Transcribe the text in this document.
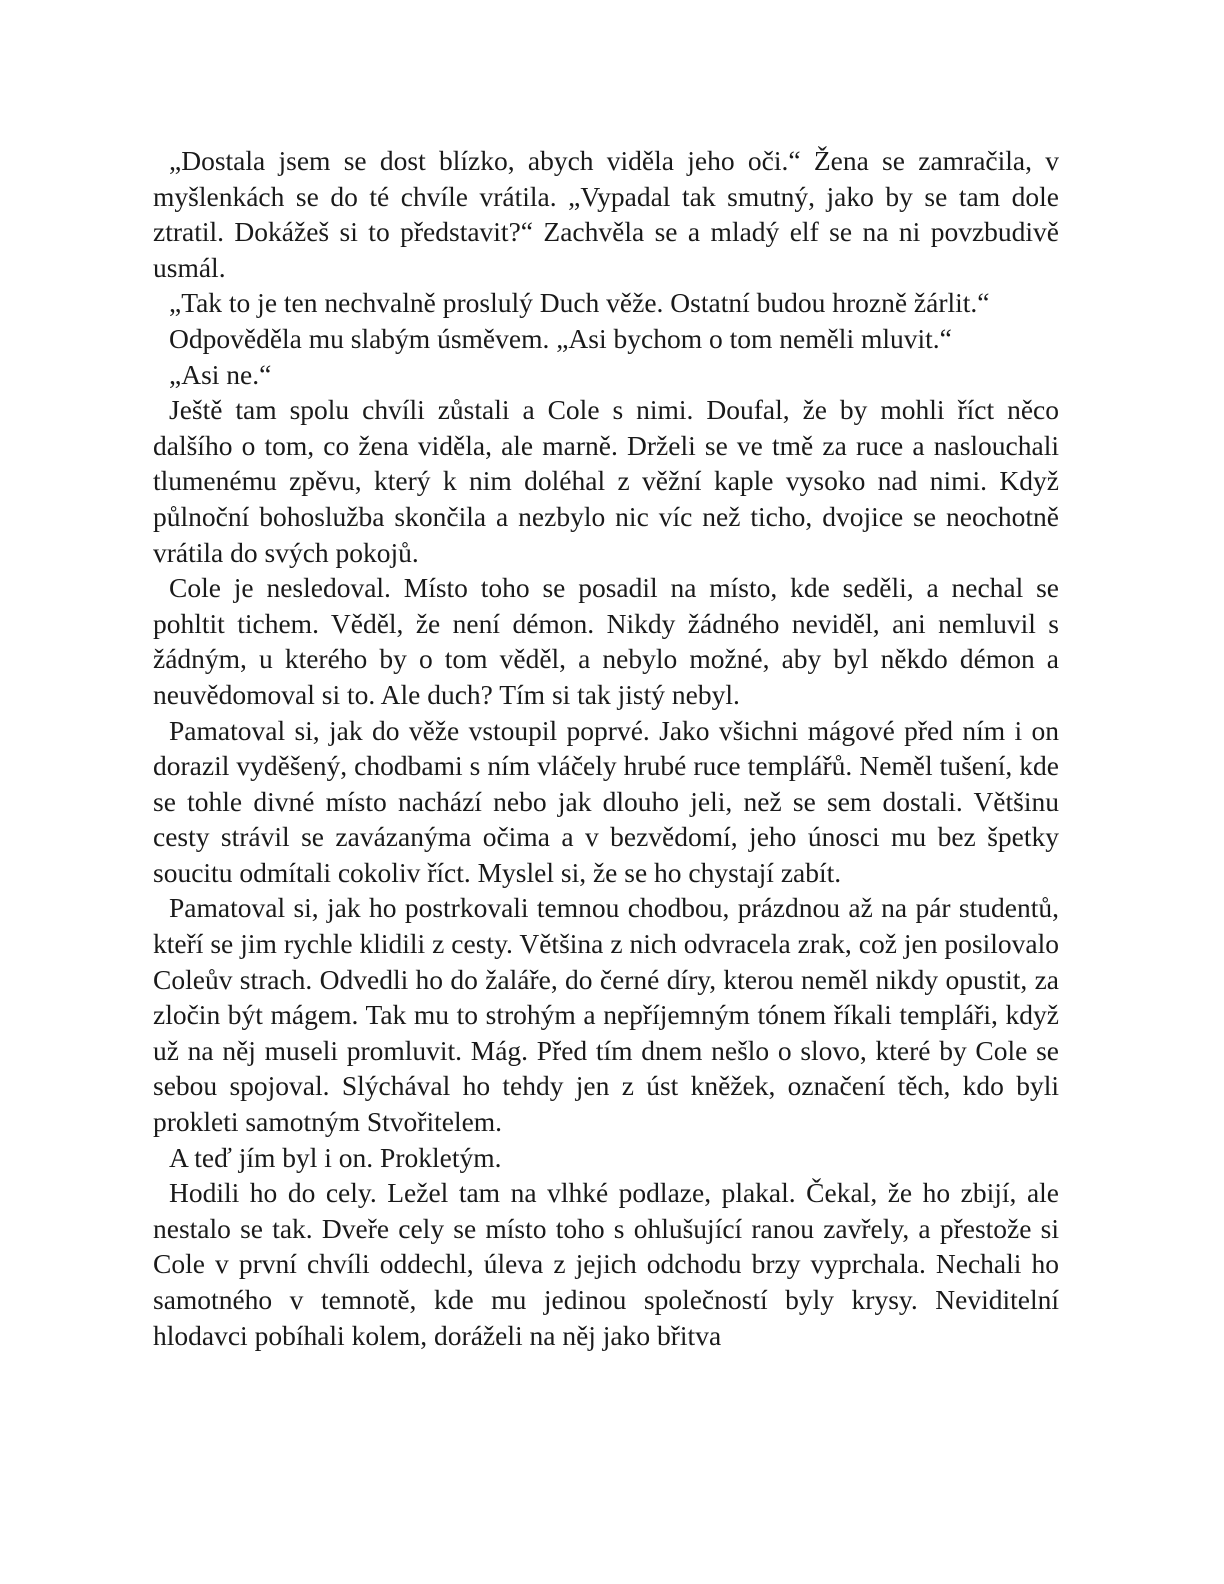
„Dostala jsem se dost blízko, abych viděla jeho oči.“ Žena se zamračila, v myšlenkách se do té chvíle vrátila. „Vypadal tak smutný, jako by se tam dole ztratil. Dokážeš si to představit?“ Zachvěla se a mladý elf se na ni povzbudivě usmál.

„Tak to je ten nechvalně proslulý Duch věže. Ostatní budou hrozně žárlit.“

Odpověděla mu slabým úsměvem. „Asi bychom o tom neměli mluvit.“

„Asi ne.“

Ještě tam spolu chvíli zůstali a Cole s nimi. Doufal, že by mohli říct něco dalšího o tom, co žena viděla, ale marně. Drželi se ve tmě za ruce a naslouchali tlumenému zpěvu, který k nim doléhal z věžní kaple vysoko nad nimi. Když půlnoční bohoslužba skončila a nezbylo nic víc než ticho, dvojice se neochotně vrátila do svých pokojů.

Cole je nesledoval. Místo toho se posadil na místo, kde seděli, a nechal se pohltit tichem. Věděl, že není démon. Nikdy žádného neviděl, ani nemluvil s žádným, u kterého by o tom věděl, a nebylo možné, aby byl někdo démon a neuvědomoval si to. Ale duch? Tím si tak jistý nebyl.

Pamatoval si, jak do věže vstoupil poprvé. Jako všichni mágové před ním i on dorazil vyděšený, chodbami s ním vláčely hrubé ruce templářů. Neměl tušení, kde se tohle divné místo nachází nebo jak dlouho jeli, než se sem dostali. Většinu cesty strávil se zavázanýma očima a v bezvědomí, jeho únosci mu bez špetky soucitu odmítali cokoliv říct. Myslel si, že se ho chystají zabít.

Pamatoval si, jak ho postrkovali temnou chodbou, prázdnou až na pár studentů, kteří se jim rychle klidili z cesty. Většina z nich odvracela zrak, což jen posilovalo Coleův strach. Odvedli ho do žaláře, do černé díry, kterou neměl nikdy opustit, za zločin být mágem. Tak mu to strohým a nepříjemným tónem říkali templáři, když už na něj museli promluvit. Mág. Před tím dnem nešlo o slovo, které by Cole se sebou spojoval. Slýchával ho tehdy jen z úst kněžek, označení těch, kdo byli prokleti samotným Stvořitelem.

A teď jím byl i on. Prokletým.

Hodili ho do cely. Ležel tam na vlhké podlaze, plakal. Čekal, že ho zbijí, ale nestalo se tak. Dveře cely se místo toho s ohlušující ranou zavřely, a přestože si Cole v první chvíli oddechl, úleva z jejich odchodu brzy vyprchala. Nechali ho samotného v temnotě, kde mu jedinou společností byly krysy. Neviditelní hlodavci pobíhali kolem, doráželi na něj jako břitva
